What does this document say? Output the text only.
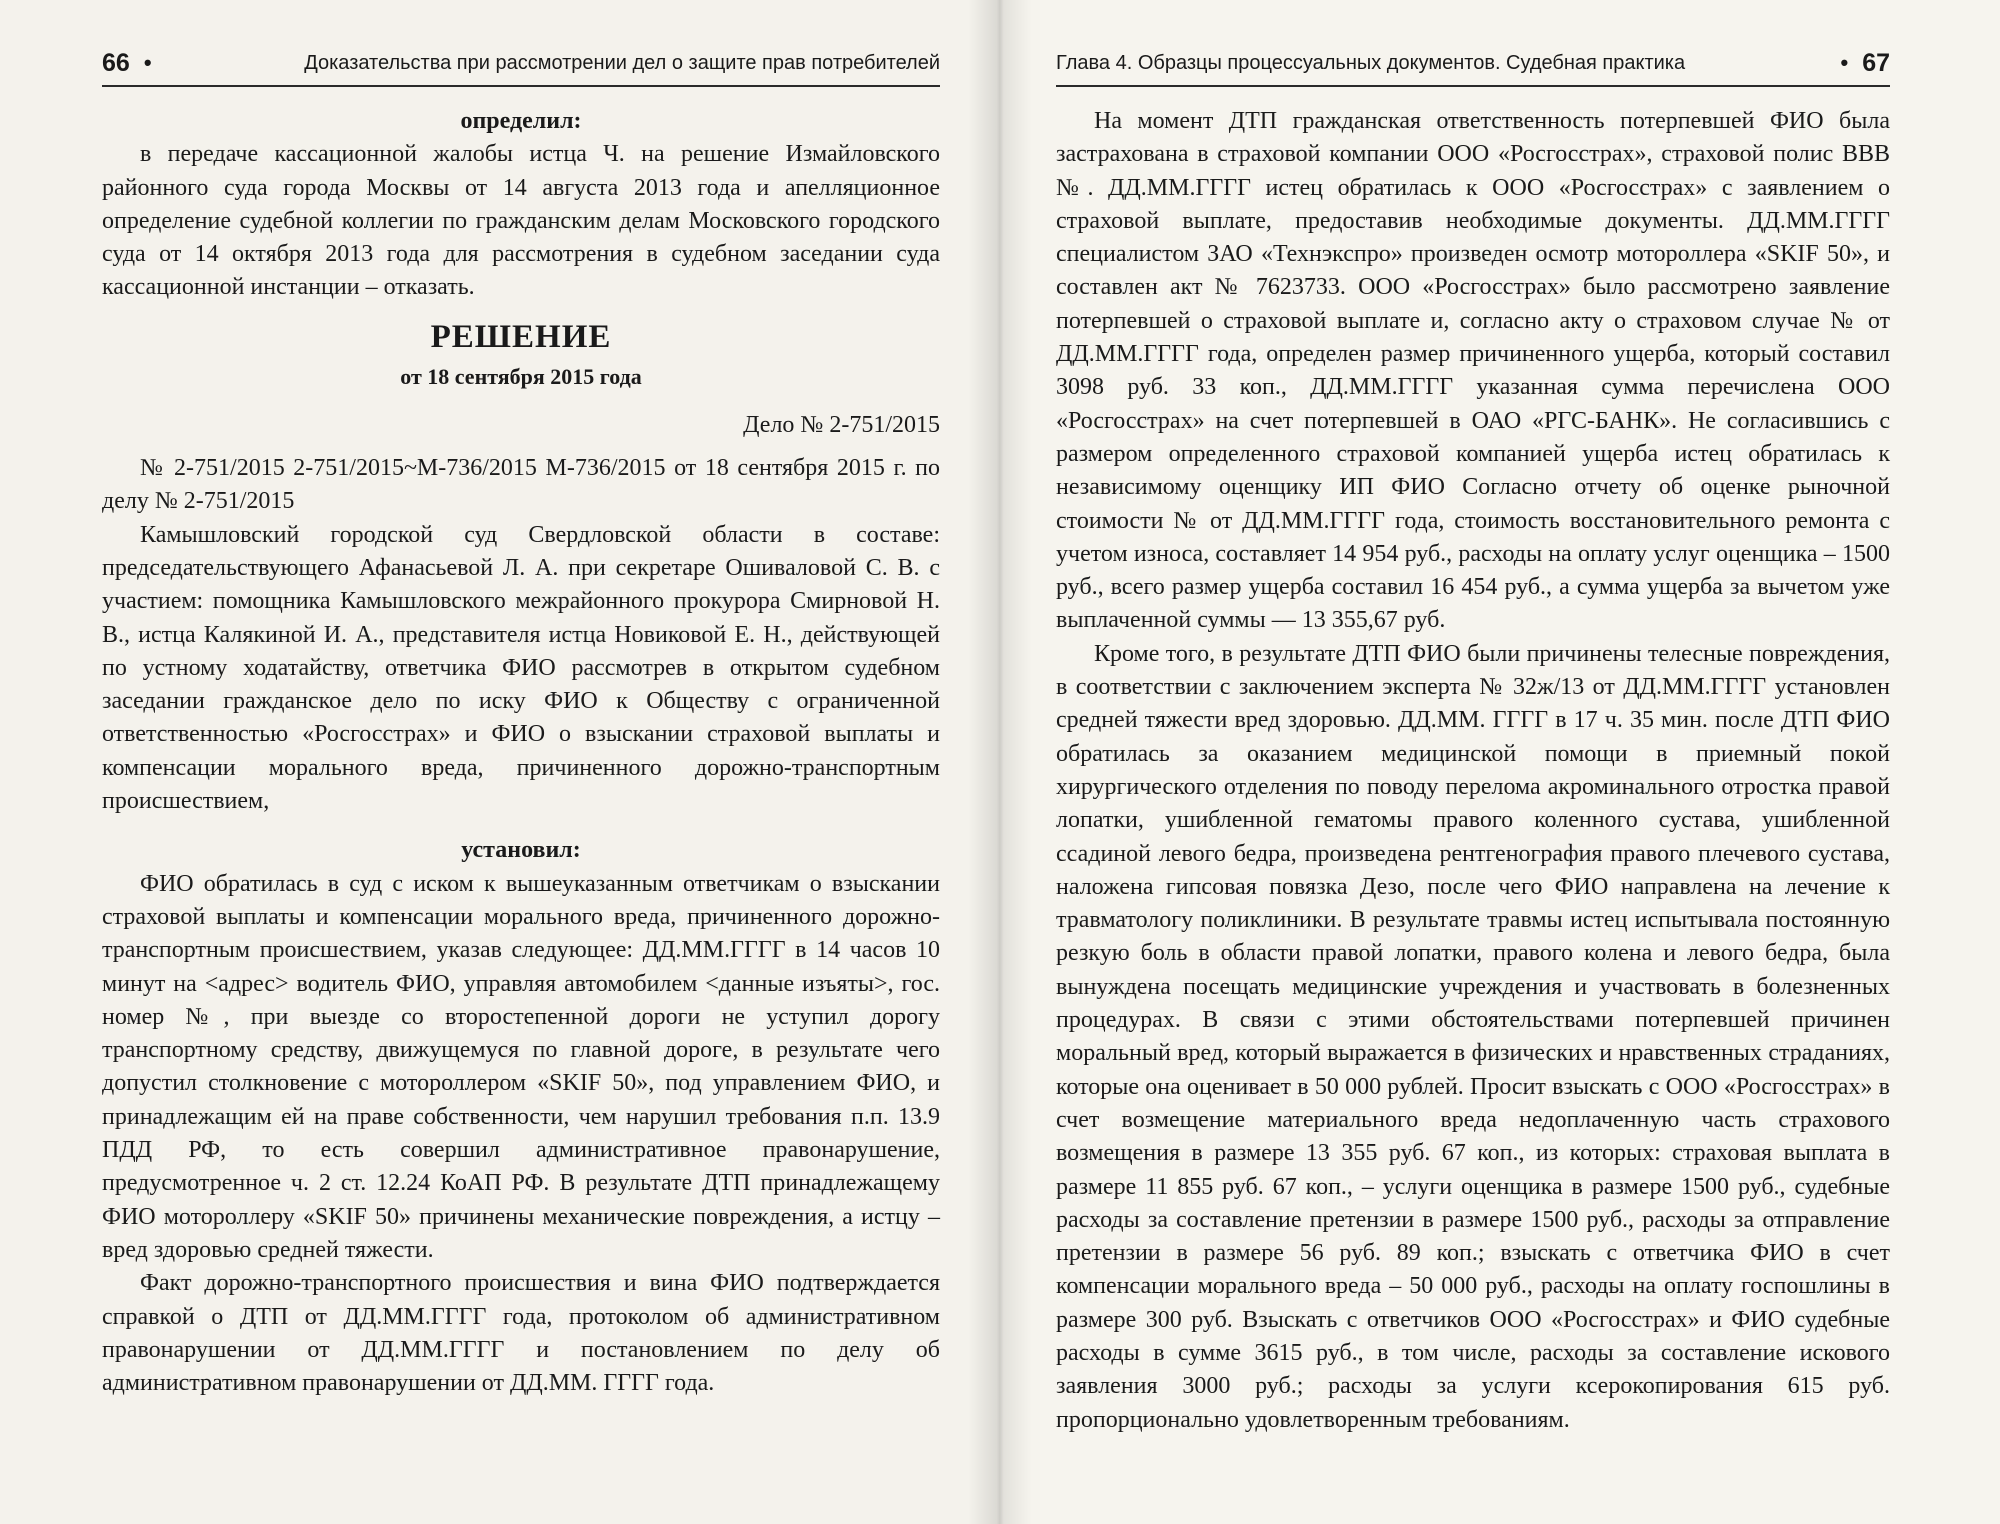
66 •	Доказательства при рассмотрении дел о защите прав потребителей

определил:

в передаче кассационной жалобы истца Ч. на решение Измайловского районного суда города Москвы от 14 августа 2013 года и апелляционное определение судебной коллегии по гражданским делам Московского городского суда от 14 октября 2013 года для рассмотрения в судебном заседании суда кассационной инстанции – отказать.

РЕШЕНИЕ
от 18 сентября 2015 года

Дело № 2-751/2015

№ 2-751/2015 2-751/2015~М-736/2015 М-736/2015 от 18 сентября 2015 г. по делу № 2-751/2015

Камышловский городской суд Свердловской области в составе: председательствующего Афанасьевой Л. А. при секретаре Ошиваловой С. В. с участием: помощника Камышловского межрайонного прокурора Смирновой Н. В., истца Калякиной И. А., представителя истца Новиковой Е. Н., действующей по устному ходатайству, ответчика ФИО рассмотрев в открытом судебном заседании гражданское дело по иску ФИО к Обществу с ограниченной ответственностью «Росгосстрах» и ФИО о взыскании страховой выплаты и компенсации морального вреда, причиненного дорожно-транспортным происшествием,

установил:

ФИО обратилась в суд с иском к вышеуказанным ответчикам о взыскании страховой выплаты и компенсации морального вреда, причиненного дорожно-транспортным происшествием, указав следующее: ДД.ММ.ГГГГ в 14 часов 10 минут на <адрес> водитель ФИО, управляя автомобилем <данные изъяты>, гос. номер №, при выезде со второстепенной дороги не уступил дорогу транспортному средству, движущемуся по главной дороге, в результате чего допустил столкновение с мотороллером «SKIF 50», под управлением ФИО, и принадлежащим ей на праве собственности, чем нарушил требования п.п. 13.9 ПДД РФ, то есть совершил административное правонарушение, предусмотренное ч. 2 ст. 12.24 КоАП РФ. В результате ДТП принадлежащему ФИО мотороллеру «SKIF 50» причинены механические повреждения, а истцу – вред здоровью средней тяжести.

Факт дорожно-транспортного происшествия и вина ФИО подтверждается справкой о ДТП от ДД.ММ.ГГГГ года, протоколом об административном правонарушении от ДД.ММ.ГГГГ и постановлением по делу об административном правонарушении от ДД.ММ. ГГГГ года.

Глава 4. Образцы процессуальных документов. Судебная практика	• 67

На момент ДТП гражданская ответственность потерпевшей ФИО была застрахована в страховой компании ООО «Росгосстрах», страховой полис ВВВ №. ДД.ММ.ГГГГ истец обратилась к ООО «Росгосстрах» с заявлением о страховой выплате, предоставив необходимые документы. ДД.ММ.ГГГГ специалистом ЗАО «Технэкспро» произведен осмотр мотороллера «SKIF 50», и составлен акт № 7623733. ООО «Росгосстрах» было рассмотрено заявление потерпевшей о страховой выплате и, согласно акту о страховом случае № от ДД.ММ.ГГГГ года, определен размер причиненного ущерба, который составил 3098 руб. 33 коп., ДД.ММ.ГГГГ указанная сумма перечислена ООО «Росгосстрах» на счет потерпевшей в ОАО «РГС-БАНК». Не согласившись с размером определенного страховой компанией ущерба истец обратилась к независимому оценщику ИП ФИО Согласно отчету об оценке рыночной стоимости № от ДД.ММ.ГГГГ года, стоимость восстановительного ремонта с учетом износа, составляет 14 954 руб., расходы на оплату услуг оценщика – 1500 руб., всего размер ущерба составил 16 454 руб., а сумма ущерба за вычетом уже выплаченной суммы — 13 355,67 руб.

Кроме того, в результате ДТП ФИО были причинены телесные повреждения, в соответствии с заключением эксперта № 32ж/13 от ДД.ММ.ГГГГ установлен средней тяжести вред здоровью. ДД.ММ. ГГГГ в 17 ч. 35 мин. после ДТП ФИО обратилась за оказанием медицинской помощи в приемный покой хирургического отделения по поводу перелома акроминального отростка правой лопатки, ушибленной гематомы правого коленного сустава, ушибленной ссадиной левого бедра, произведена рентгенография правого плечевого сустава, наложена гипсовая повязка Дезо, после чего ФИО направлена на лечение к травматологу поликлиники. В результате травмы истец испытывала постоянную резкую боль в области правой лопатки, правого колена и левого бедра, была вынуждена посещать медицинские учреждения и участвовать в болезненных процедурах. В связи с этими обстоятельствами потерпевшей причинен моральный вред, который выражается в физических и нравственных страданиях, которые она оценивает в 50 000 рублей. Просит взыскать с ООО «Росгосстрах» в счет возмещение материального вреда недоплаченную часть страхового возмещения в размере 13 355 руб. 67 коп., из которых: страховая выплата в размере 11 855 руб. 67 коп., – услуги оценщика в размере 1500 руб., судебные расходы за составление претензии в размере 1500 руб., расходы за отправление претензии в размере 56 руб. 89 коп.; взыскать с ответчика ФИО в счет компенсации морального вреда – 50 000 руб., расходы на оплату госпошлины в размере 300 руб. Взыскать с ответчиков ООО «Росгосстрах» и ФИО судебные расходы в сумме 3615 руб., в том числе, расходы за составление искового заявления 3000 руб.; расходы за услуги ксерокопирования 615 руб. пропорционально удовлетворенным требованиям.
